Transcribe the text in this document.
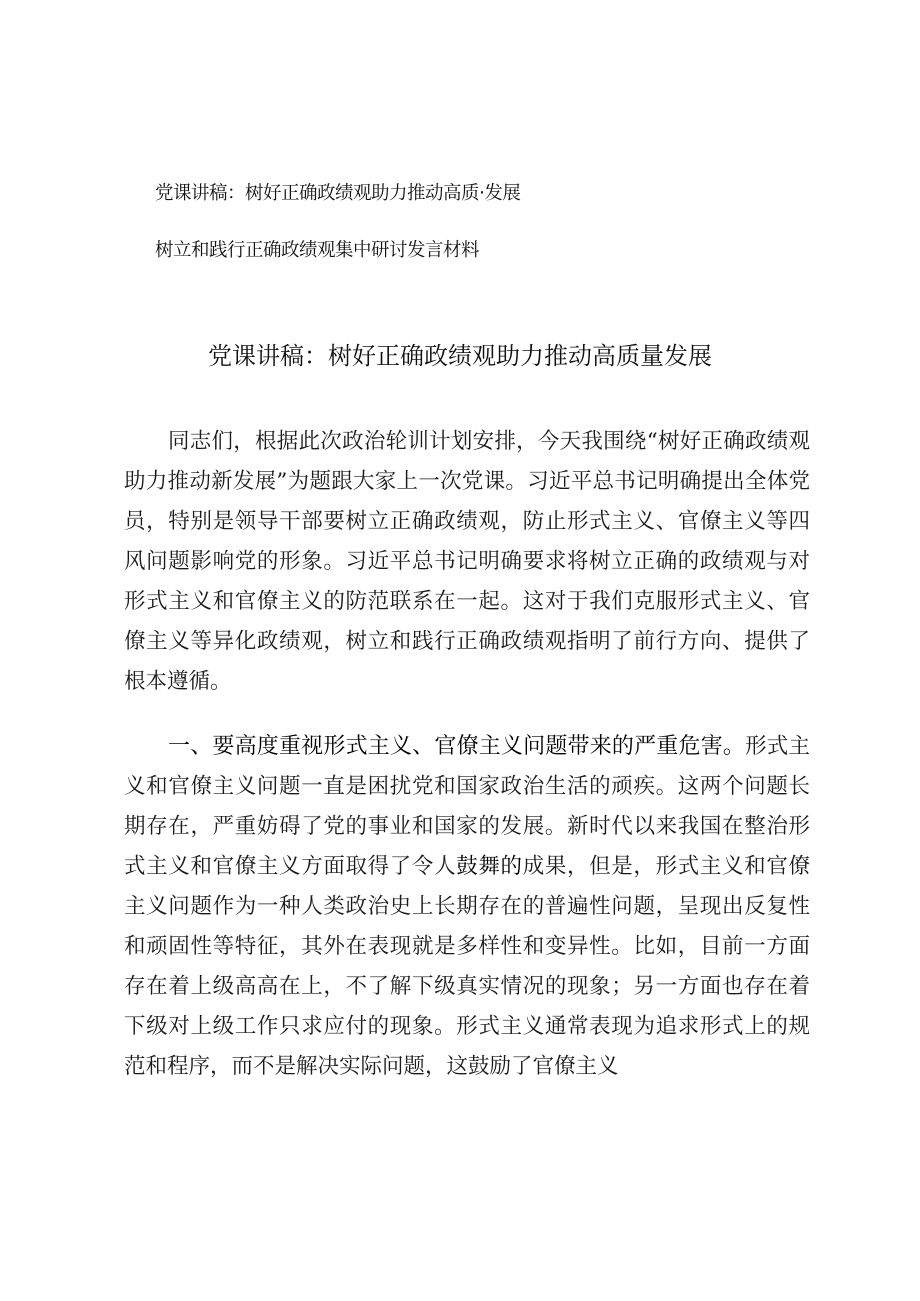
党课讲稿：树好正确政绩观助力推动高质·发展
树立和践行正确政绩观集中研讨发言材料
党课讲稿：树好正确政绩观助力推动高质量发展

同志们，根据此次政治轮训计划安排，今天我围绕“树好正确政绩观助力推动新发展”为题跟大家上一次党课。习近平总书记明确提出全体党员，特别是领导干部要树立正确政绩观，防止形式主义、官僚主义等四风问题影响党的形象。习近平总书记明确要求将树立正确的政绩观与对形式主义和官僚主义的防范联系在一起。这对于我们克服形式主义、官僚主义等异化政绩观，树立和践行正确政绩观指明了前行方向、提供了根本遵循。

一、要高度重视形式主义、官僚主义问题带来的严重危害。形式主义和官僚主义问题一直是困扰党和国家政治生活的顽疾。这两个问题长期存在，严重妨碍了党的事业和国家的发展。新时代以来我国在整治形式主义和官僚主义方面取得了令人鼓舞的成果，但是，形式主义和官僚主义问题作为一种人类政治史上长期存在的普遍性问题，呈现出反复性和顽固性等特征，其外在表现就是多样性和变异性。比如，目前一方面存在着上级高高在上，不了解下级真实情况的现象；另一方面也存在着下级对上级工作只求应付的现象。形式主义通常表现为追求形式上的规范和程序，而不是解决实际问题，这鼓励了官僚主义
